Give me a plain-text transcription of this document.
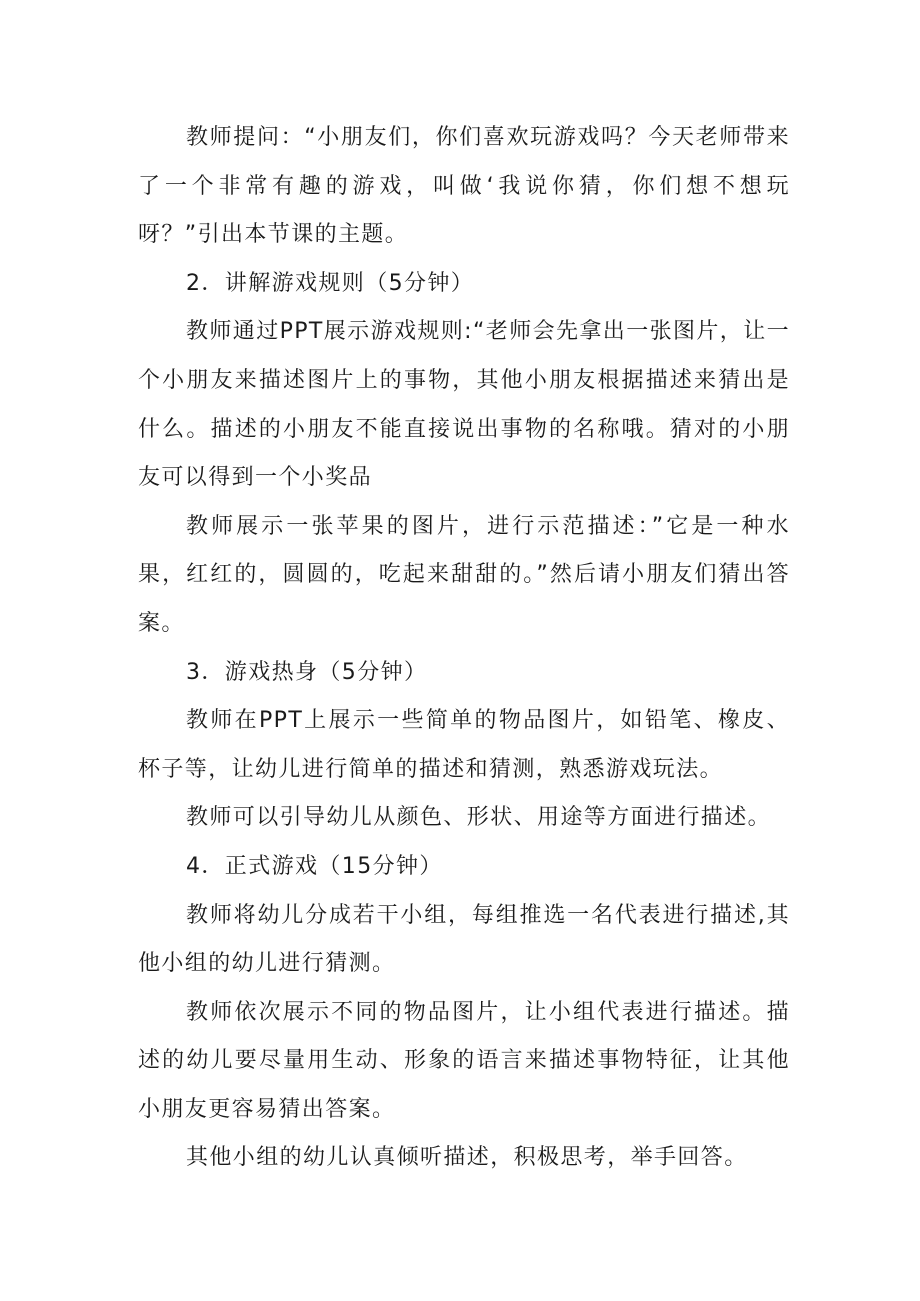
教师提问：“小朋友们，你们喜欢玩游戏吗？今天老师带来了一个非常有趣的游戏，叫做‘我说你猜，你们想不想玩呀？”引出本节课的主题。

2．讲解游戏规则（5分钟）

教师通过PPT展示游戏规则:“老师会先拿出一张图片，让一个小朋友来描述图片上的事物，其他小朋友根据描述来猜出是什么。描述的小朋友不能直接说出事物的名称哦。猜对的小朋友可以得到一个小奖品

教师展示一张苹果的图片，进行示范描述：”它是一种水果，红红的，圆圆的，吃起来甜甜的。”然后请小朋友们猜出答案。

3．游戏热身（5分钟）

教师在PPT上展示一些简单的物品图片，如铅笔、橡皮、杯子等，让幼儿进行简单的描述和猜测，熟悉游戏玩法。

教师可以引导幼儿从颜色、形状、用途等方面进行描述。

4．正式游戏（15分钟）

教师将幼儿分成若干小组，每组推选一名代表进行描述,其他小组的幼儿进行猜测。

教师依次展示不同的物品图片，让小组代表进行描述。描述的幼儿要尽量用生动、形象的语言来描述事物特征，让其他小朋友更容易猜出答案。

其他小组的幼儿认真倾听描述，积极思考，举手回答。
